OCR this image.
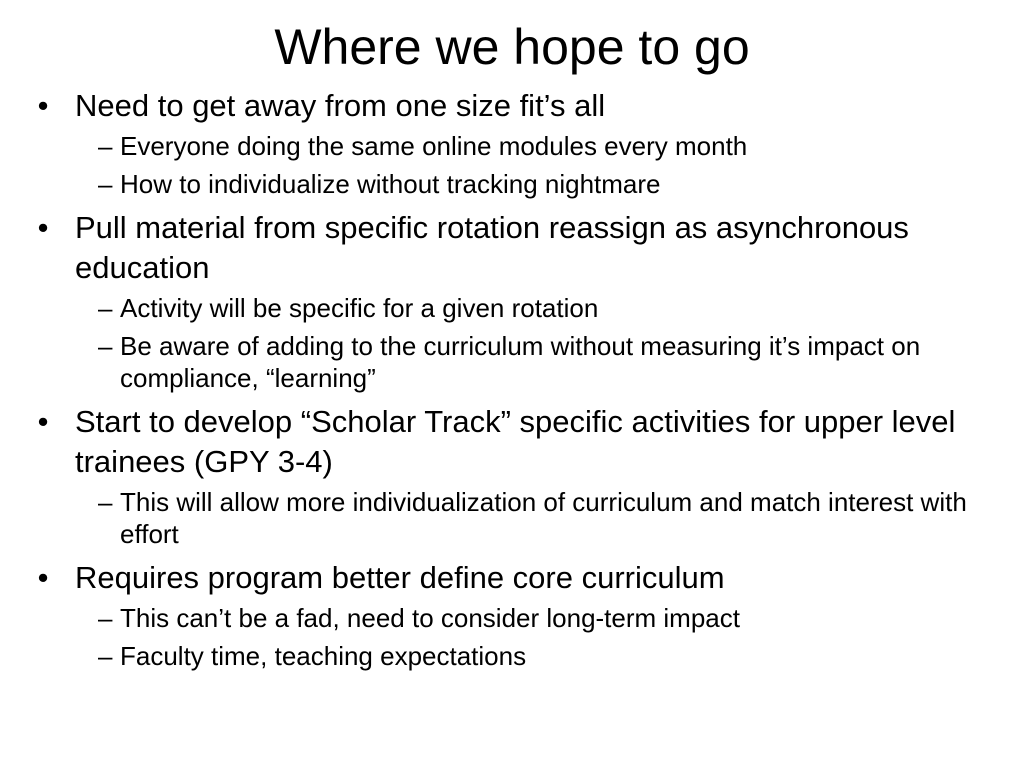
Where we hope to go
• Need to get away from one size fit’s all
– Everyone doing the same online modules every month
– How to individualize without tracking nightmare
• Pull material from specific rotation reassign as asynchronous education
– Activity will be specific for a given rotation
– Be aware of adding to the curriculum without measuring it’s impact on compliance, “learning”
• Start to develop “Scholar Track” specific activities for upper level trainees (GPY 3-4)
– This will allow more individualization of curriculum and match interest with effort
• Requires program better define core curriculum
– This can’t be a fad, need to consider long-term impact
– Faculty time, teaching expectations
